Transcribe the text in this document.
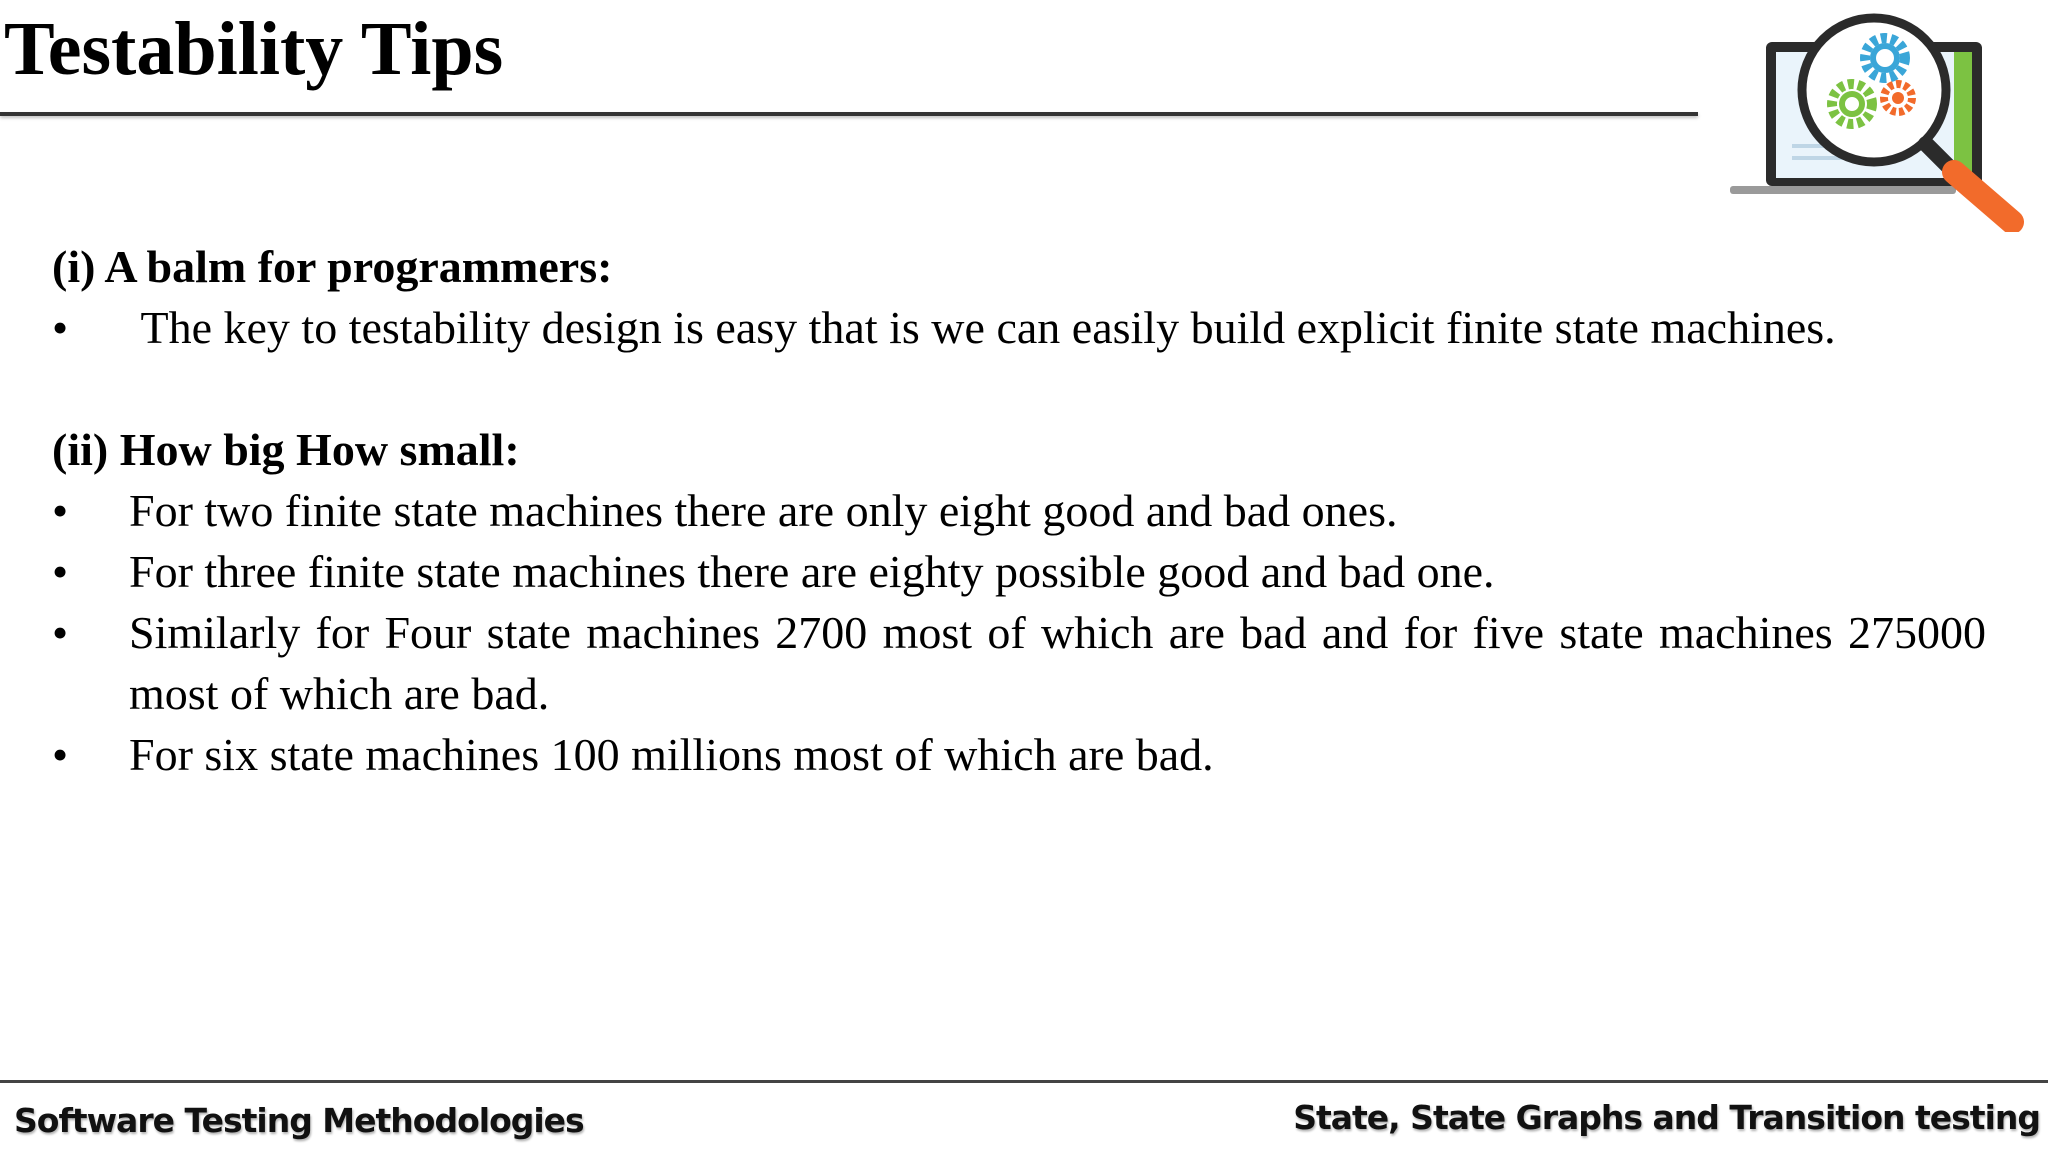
Testability Tips

(i) A balm for programmers:

•	The key to testability design is easy that is we can easily build explicit finite state machines.

(ii) How big How small:

•	For two finite state machines there are only eight good and bad ones.
•	For three finite state machines there are eighty possible good and bad one.
•	Similarly for Four state machines 2700 most of which are bad and for five state machines 275000 most of which are bad.
•	For six state machines 100 millions most of which are bad.
Software Testing Methodologies	State, State Graphs and Transition testing
